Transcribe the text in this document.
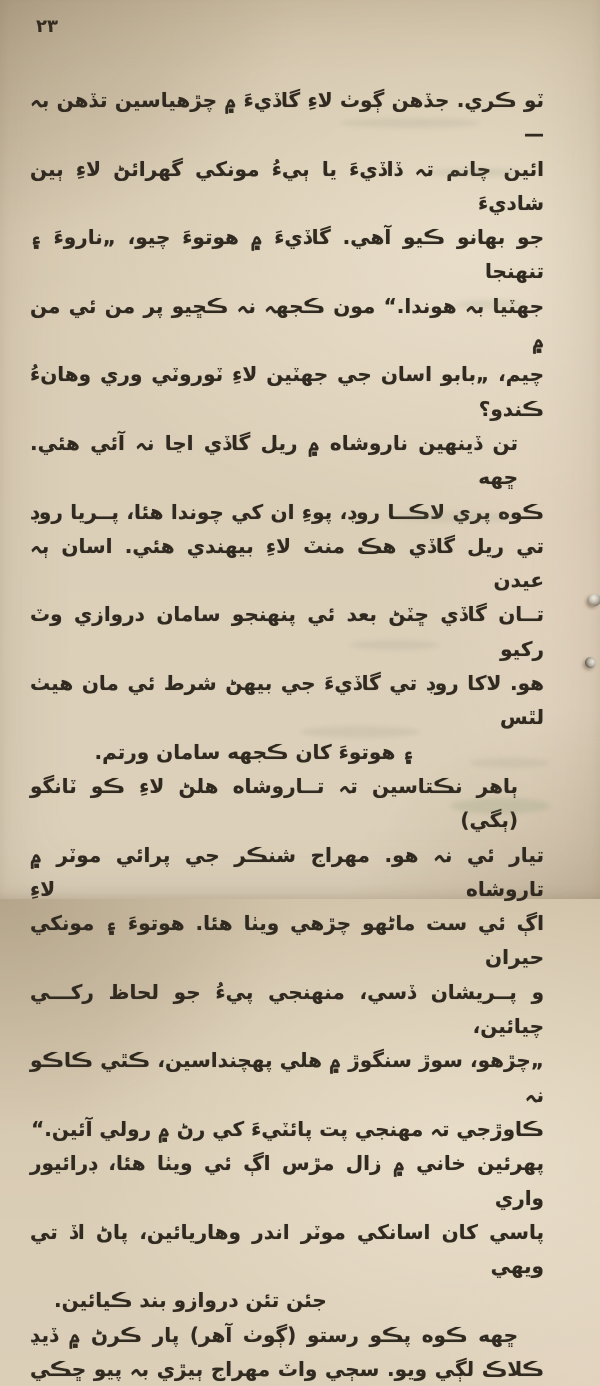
۲۳
ٽو ڪري. جڏهن ڳوٺ لاءِ گاڏيءَ ۾ چڙهياسين تڏهن بہ —
ائين چانم تہ ڏاڏيءَ يا ٻيءُ مونکي گهرائڻ لاءِ ٻين شاديءَ
جو بهانو ڪيو آهي. گاڏيءَ ۾ هوتوءَ چيو، „ناروءَ ۽ تنهنجا
جهٽيا بہ هوندا.“ مون ڪجهہ نہ ڪڇيو پر من ئي من ۾
چيم، „بابو اسان جي جهٽين لاءِ ٽوروٽي وري وهانءُ ڪندو؟
تن ڏينهين ناروشاه ۾ ريل گاڏي اڃا نہ آئي هئي. ڇهه
ڪوه پري لاڪــا روڊ، پوءِ ان کي چوندا هئا، پــريا روڊ
تي ريل گاڏي هڪ منٽ لاءِ بيهندي هئي. اسان ٻہ عيدن
تــان گاڏي ڇٽڻ بعد ئي پنهنجو سامان دروازي وٽ رکيو
هو. لاکا روڊ تي گاڏيءَ جي بيهڻ شرط ئي مان هيٺ لٿس
۽ هوتوءَ کان ڪجهه سامان ورتم.
ٻاهر نڪتاسين تہ تــاروشاه هلڻ لاءِ ڪو ٽانگو (ٻگي)
تيار ئي نہ هو. مهراج شنڪر جي پرائي موٽر ۾ تاروشاه لاءِ
اڳ ئي ست ماڻهو چڙهي ويٺا هئا. هوتوءَ ۽ مونکي حيران
و پــريشان ڏسي، منهنجي پيءُ جو لحاظ رکـــي چيائين،
„چڙهو، سوڙ سنگوڙ ۾ هلي پهچنداسين، ڪٿي ڪاڪو نہ
ڪاوڙجي تہ مهنجي پت پائٽيءَ کي رڻ ۾ رولي آئين.“
پهرئين خاني ۾ زال مڙس اڳ ئي ويٺا هئا، ڊرائيور واري
پاسي کان اسانکي موٽر اندر وهاريائين، پاڻ اڏ تي ويهي
جئن تئن دروازو بند ڪيائين.
ڇهه ڪوه پڪو رستو (ڳوٺ آهر) پار ڪرڻ ۾ ڏيڍ
ڪلاڪ لڳي ويو. سڄي واٽ مهراج ٻيڙي بہ پيو ڇڪي
